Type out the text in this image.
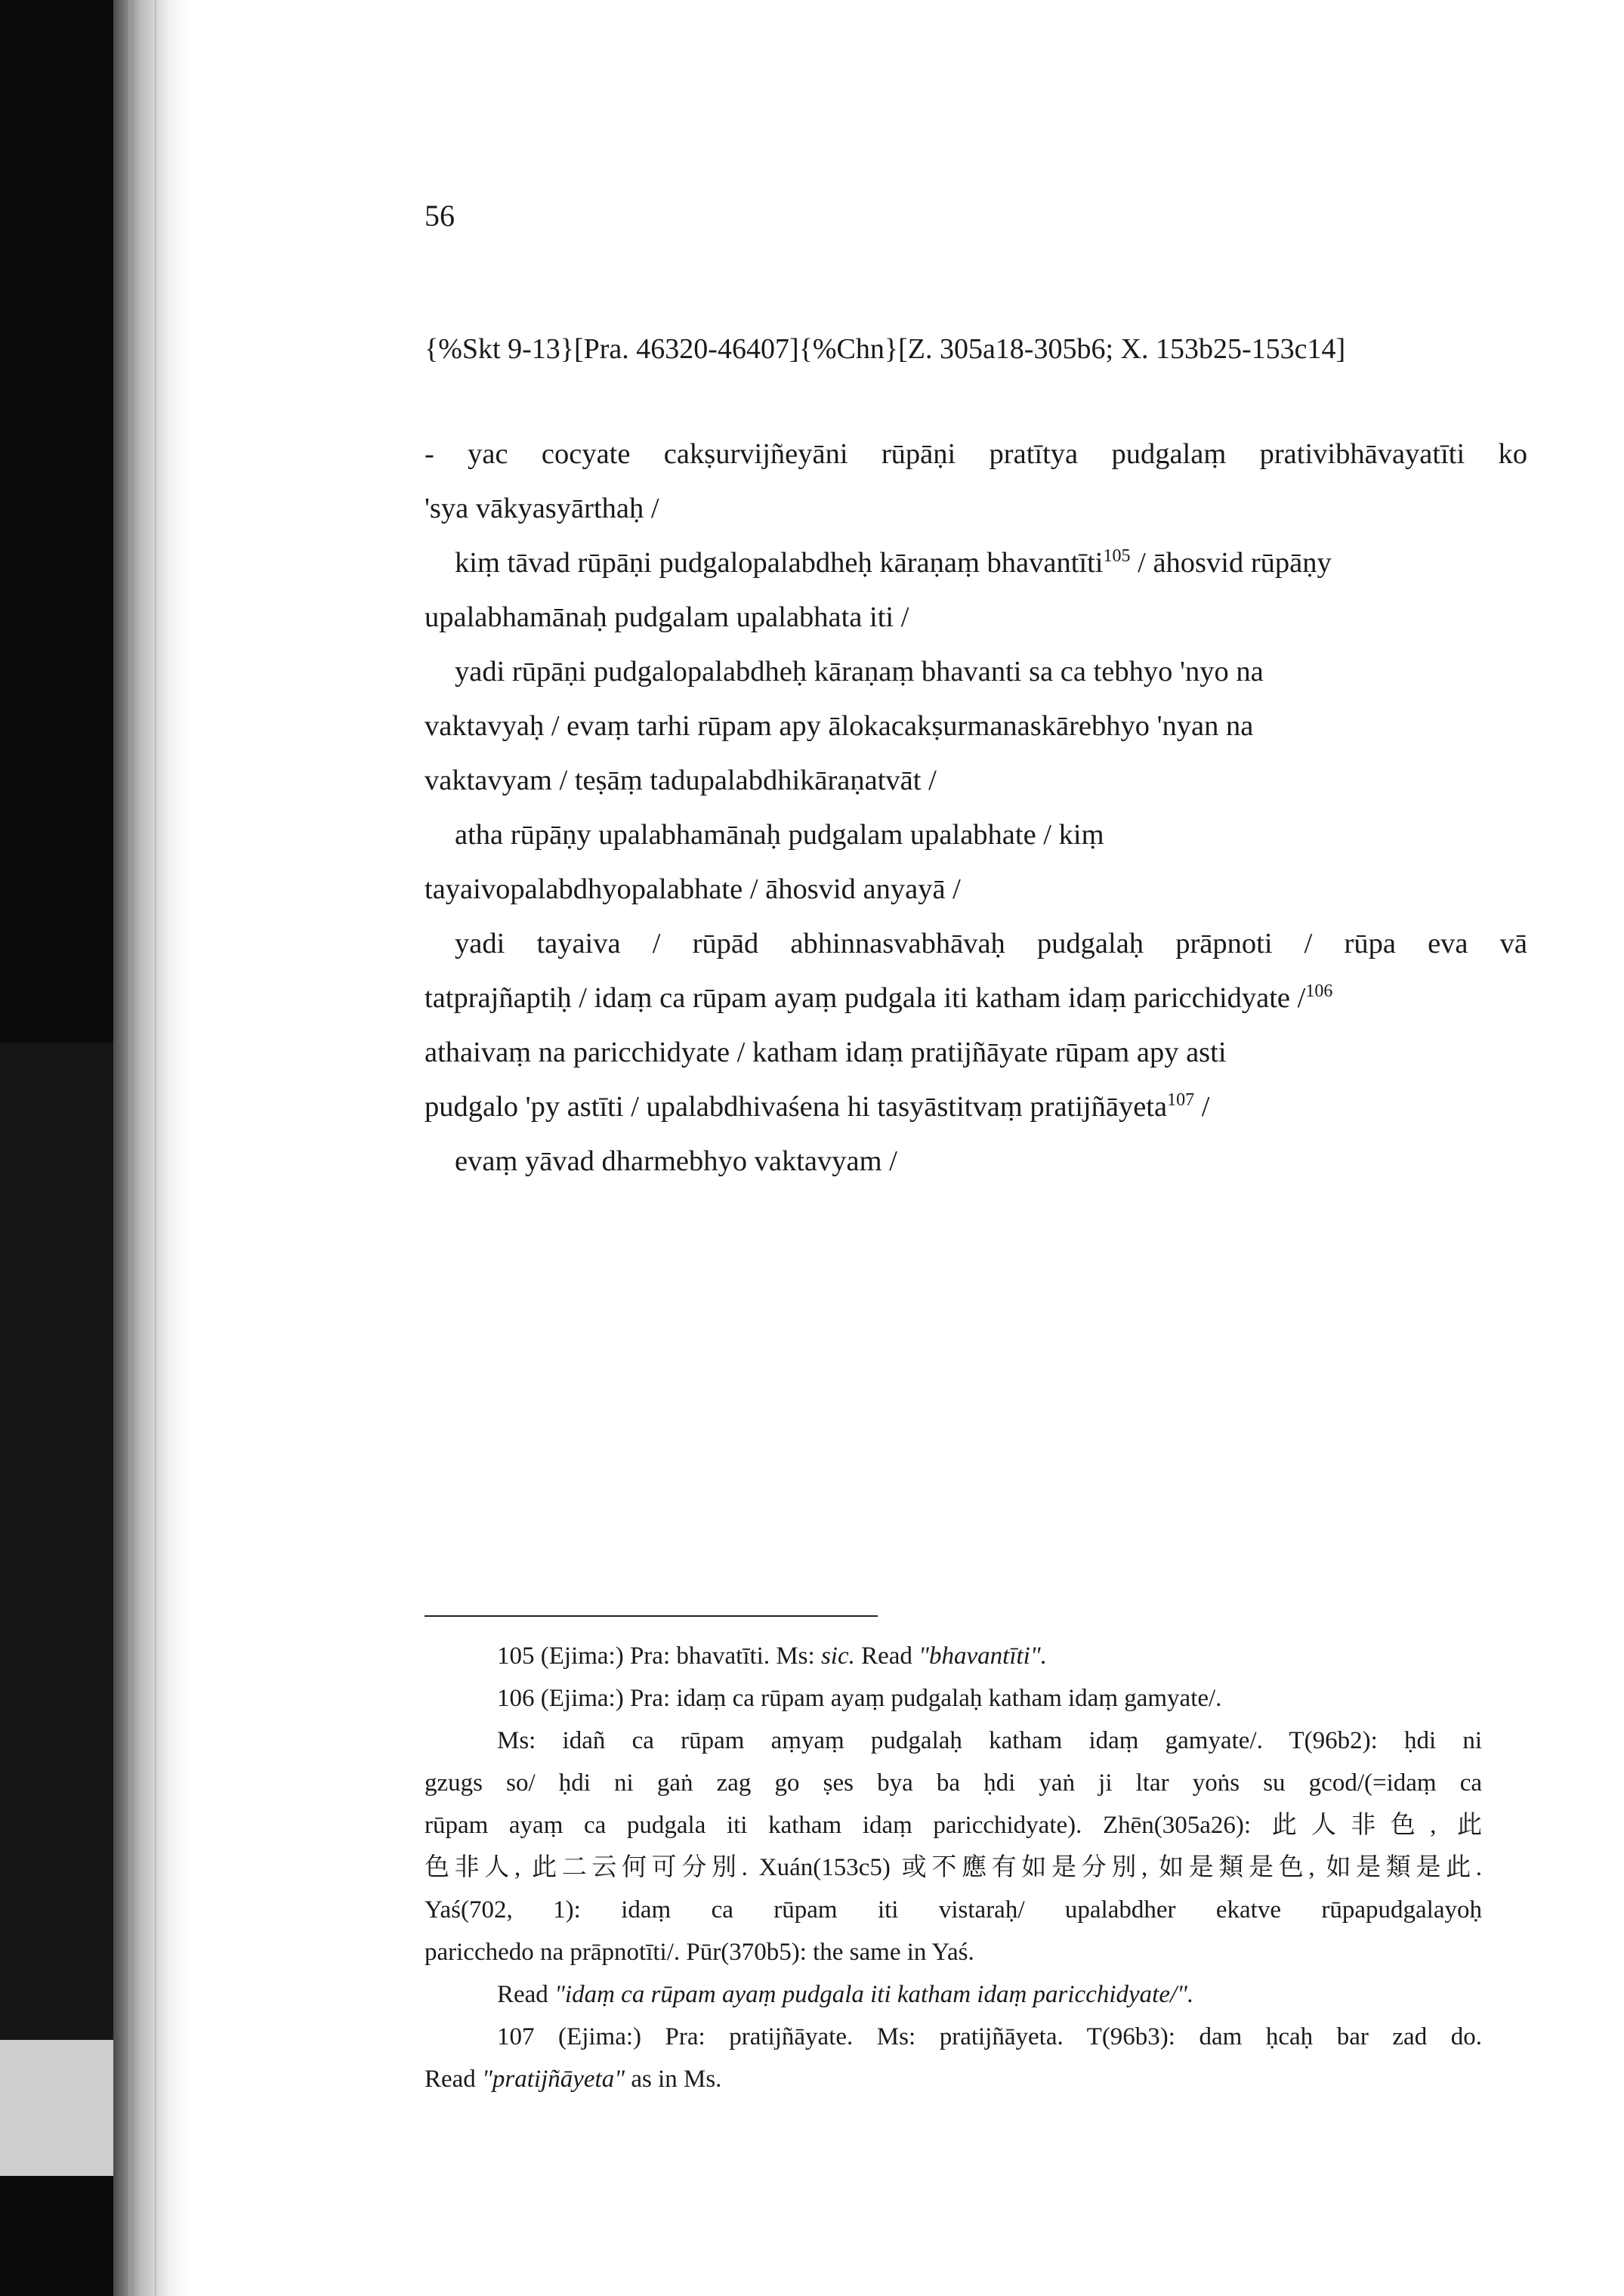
56
{%Skt 9-13}[Pra. 46320-46407]{%Chn}[Z. 305a18-305b6; X. 153b25-153c14]
- yac cocyate cakṣurvijñeyāni rūpāṇi pratītya pudgalaṃ prativibhāvayatīti ko
'sya vākyasyārthaḥ /
kiṃ tāvad rūpāṇi pudgalopalabdheḥ kāraṇaṃ bhavantīti$^{105}$ / āhosvid rūpāṇy
upalabhamānaḥ pudgalam upalabhata iti /
yadi rūpāṇi pudgalopalabdheḥ kāraṇaṃ bhavanti sa ca tebhyo 'nyo na
vaktavyaḥ / evaṃ tarhi rūpam apy ālokacakṣurmanaskārebhyo 'nyan na
vaktavyam / teṣāṃ tadupalabdhikāraṇatvāt /
atha rūpāṇy upalabhamānaḥ pudgalam upalabhate / kiṃ
tayaivopalabdhyopalabhate / āhosvid anyayā /
yadi tayaiva / rūpād abhinnasvabhāvaḥ pudgalaḥ prāpnoti / rūpa eva vā
tatprajñaptiḥ / idaṃ ca rūpam ayaṃ pudgala iti katham idaṃ paricchidyate /$^{106}$
athaivaṃ na paricchidyate / katham idaṃ pratijñāyate rūpam apy asti
pudgalo 'py astīti / upalabdhivaśena hi tasyāstitvaṃ pratijñāyeta$^{107}$ /
evaṃ yāvad dharmebhyo vaktavyam /
105 (Ejima:) Pra: bhavatīti. Ms: sic. Read "bhavantīti".
106 (Ejima:) Pra: idaṃ ca rūpam ayaṃ pudgalaḥ katham idaṃ gamyate/.
Ms: idañ ca rūpam aṃyaṃ pudgalaḥ katham idaṃ gamyate/. T(96b2): ḥdi ni
gzugs so/ ḥdi ni gaṅ zag go ṣes bya ba ḥdi yaṅ ji ltar yoṅs su gcod/(=idaṃ ca
rūpam ayaṃ ca pudgala iti katham idaṃ paricchidyate). Zhēn(305a26): 此人非色, 此
色非人, 此二云何可分別. Xuán(153c5) 或不應有如是分別, 如是類是色, 如是類是此.
Yaś(702, 1): idaṃ ca rūpam iti vistaraḥ/ upalabdher ekatve rūpapudgalayoḥ
paricchedo na prāpnotīti/. Pūr(370b5): the same in Yaś.
Read "idaṃ ca rūpam ayaṃ pudgala iti katham idaṃ paricchidyate/".
107 (Ejima:) Pra: pratijñāyate. Ms: pratijñāyeta. T(96b3): dam ḥcaḥ bar zad do.
Read "pratijñāyeta" as in Ms.
